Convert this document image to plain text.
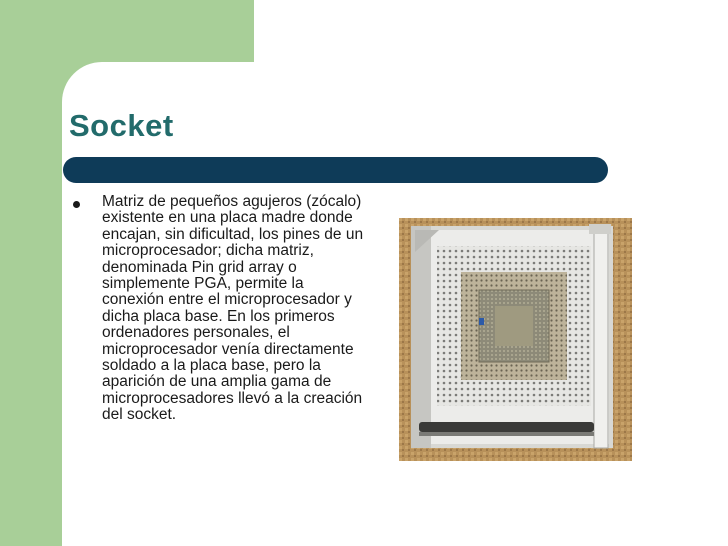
Socket

Matriz de pequeños agujeros (zócalo) existente en una placa madre donde encajan, sin dificultad, los pines de un microprocesador; dicha matriz, denominada Pin grid array o simplemente PGA, permite la conexión entre el microprocesador y dicha placa base. En los primeros ordenadores personales, el microprocesador venía directamente soldado a la placa base, pero la aparición de una amplia gama de microprocesadores llevó a la creación del socket.
